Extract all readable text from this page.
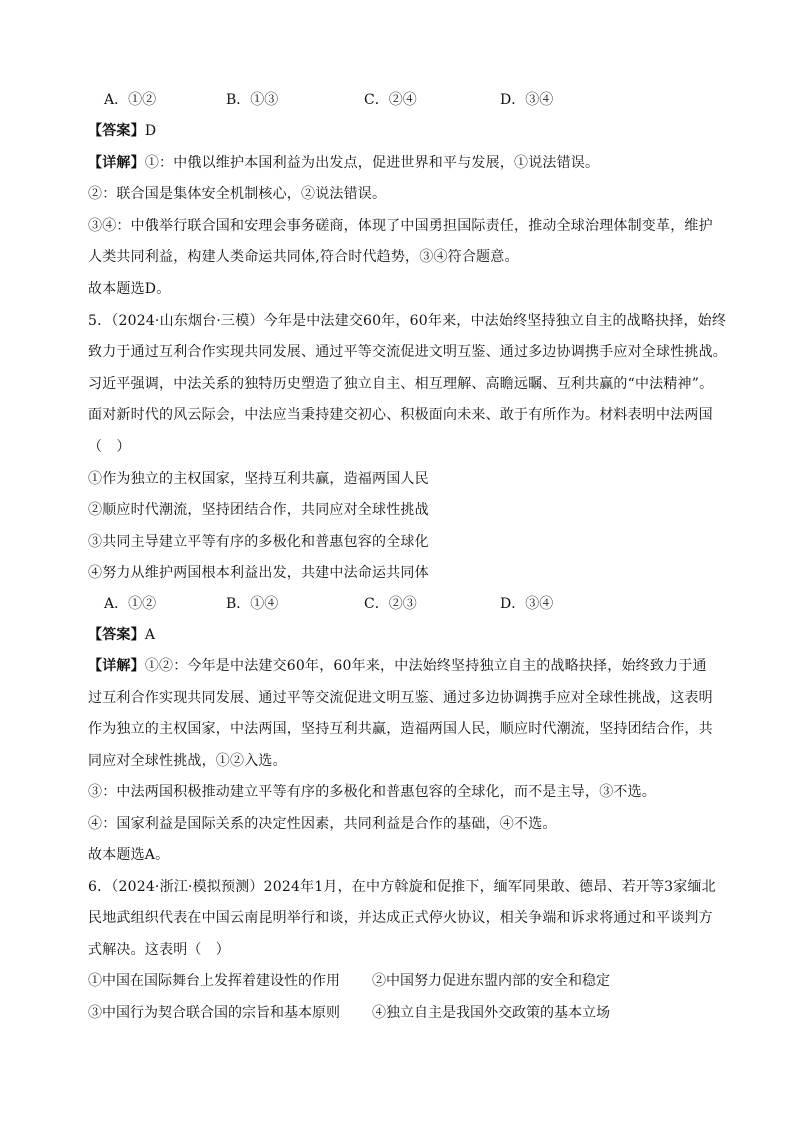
A．①②	B．①③	C．②④	D．③④
【答案】D
【详解】①：中俄以维护本国利益为出发点，促进世界和平与发展，①说法错误。
②：联合国是集体安全机制核心，②说法错误。
③④：中俄举行联合国和安理会事务磋商，体现了中国勇担国际责任，推动全球治理体制变革，维护
人类共同利益，构建人类命运共同体,符合时代趋势，③④符合题意。
故本题选D。
5．（2024·山东烟台·三模）今年是中法建交60年，60年来，中法始终坚持独立自主的战略抉择，始终
致力于通过互利合作实现共同发展、通过平等交流促进文明互鉴、通过多边协调携手应对全球性挑战。
习近平强调，中法关系的独特历史塑造了独立自主、相互理解、高瞻远瞩、互利共赢的“中法精神”。
面对新时代的风云际会，中法应当秉持建交初心、积极面向未来、敢于有所作为。材料表明中法两国
（　）
①作为独立的主权国家，坚持互利共赢，造福两国人民
②顺应时代潮流，坚持团结合作，共同应对全球性挑战
③共同主导建立平等有序的多极化和普惠包容的全球化
④努力从维护两国根本利益出发，共建中法命运共同体
A．①②	B．①④	C．②③	D．③④
【答案】A
【详解】①②：今年是中法建交60年，60年来，中法始终坚持独立自主的战略抉择，始终致力于通
过互利合作实现共同发展、通过平等交流促进文明互鉴、通过多边协调携手应对全球性挑战，这表明
作为独立的主权国家，中法两国，坚持互利共赢，造福两国人民，顺应时代潮流，坚持团结合作，共
同应对全球性挑战，①②入选。
③：中法两国积极推动建立平等有序的多极化和普惠包容的全球化，而不是主导，③不选。
④：国家利益是国际关系的决定性因素，共同利益是合作的基础，④不选。
故本题选A。
6．（2024·浙江·模拟预测）2024年1月，在中方斡旋和促推下，缅军同果敢、德昂、若开等3家缅北
民地武组织代表在中国云南昆明举行和谈，并达成正式停火协议，相关争端和诉求将通过和平谈判方
式解决。这表明（　）
①中国在国际舞台上发挥着建设性的作用 ②中国努力促进东盟内部的安全和稳定
③中国行为契合联合国的宗旨和基本原则 ④独立自主是我国外交政策的基本立场
